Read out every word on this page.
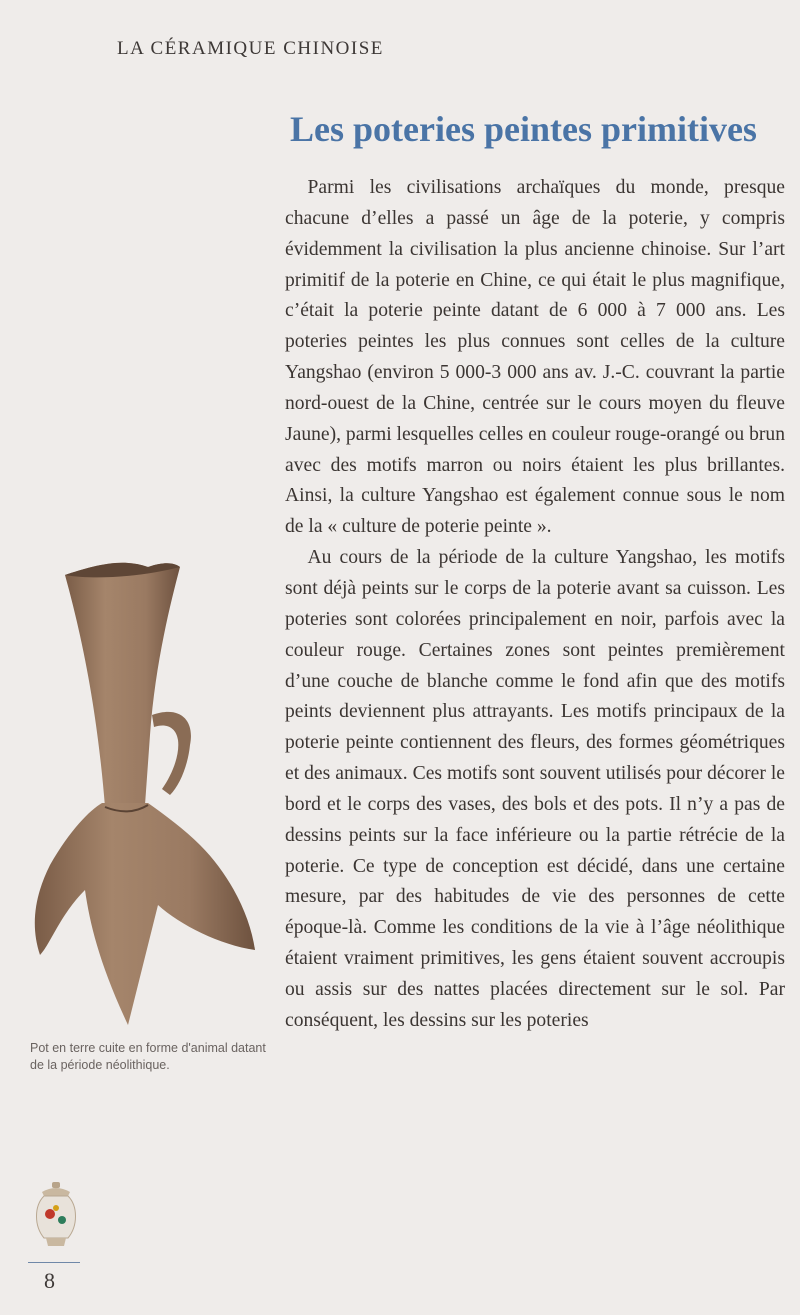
LA CÉRAMIQUE CHINOISE
Les poteries peintes primitives

Parmi les civilisations archaïques du monde, presque chacune d’elles a passé un âge de la poterie, y compris évidemment la civilisation la plus ancienne chinoise. Sur l’art primitif de la poterie en Chine, ce qui était le plus magnifique, c’était la poterie peinte datant de 6 000 à 7 000 ans. Les poteries peintes les plus connues sont celles de la culture Yangshao (environ 5 000-3 000 ans av. J.-C. couvrant la partie nord-ouest de la Chine, centrée sur le cours moyen du fleuve Jaune), parmi lesquelles celles en couleur rouge-orangé ou brun avec des motifs marron ou noirs étaient les plus brillantes. Ainsi, la culture Yangshao est également connue sous le nom de la « culture de poterie peinte ».

Au cours de la période de la culture Yangshao, les motifs sont déjà peints sur le corps de la poterie avant sa cuisson. Les poteries sont colorées principalement en noir, parfois avec la couleur rouge. Certaines zones sont peintes premièrement d’une couche de blanche comme le fond afin que des motifs peints deviennent plus attrayants. Les motifs principaux de la poterie peinte contiennent des fleurs, des formes géométriques et des animaux. Ces motifs sont souvent utilisés pour décorer le bord et le corps des vases, des bols et des pots. Il n’y a pas de dessins peints sur la face inférieure ou la partie rétrécie de la poterie. Ce type de conception est décidé, dans une certaine mesure, par des habitudes de vie des personnes de cette époque-là. Comme les conditions de la vie à l’âge néolithique étaient vraiment primitives, les gens étaient souvent accroupis ou assis sur des nattes placées directement sur le sol. Par conséquent, les dessins sur les poteries

Pot en terre cuite en forme d'animal datant de la période néolithique.
8
